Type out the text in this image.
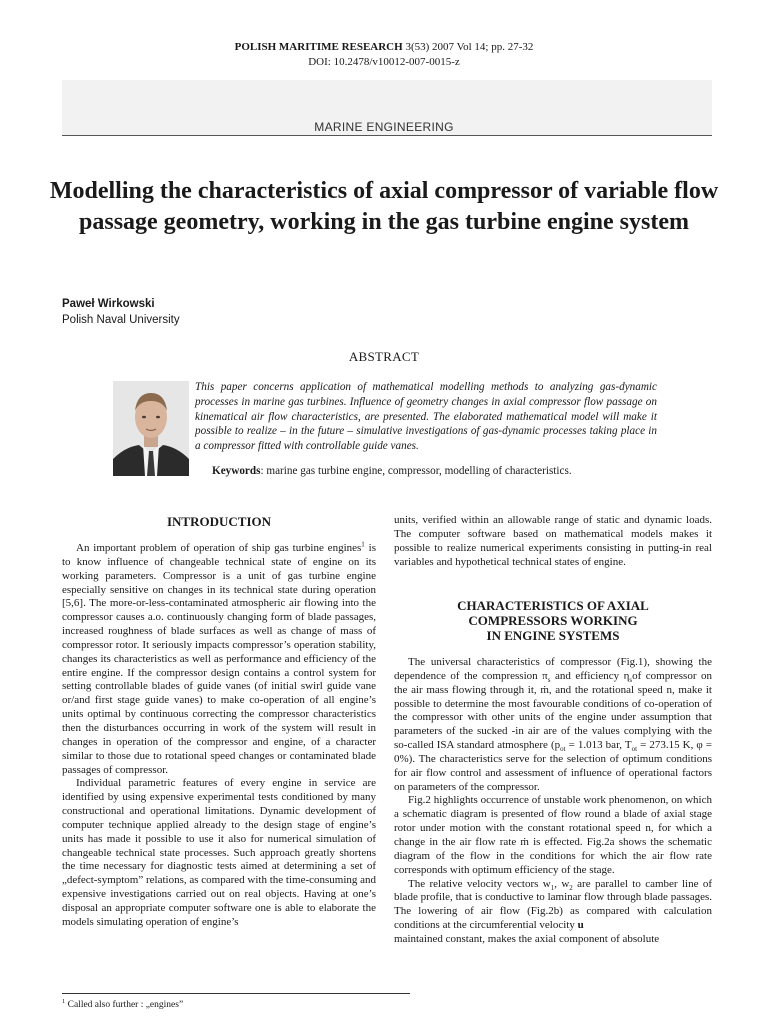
POLISH MARITIME RESEARCH 3(53) 2007 Vol 14; pp. 27-32
DOI: 10.2478/v10012-007-0015-z
MARINE ENGINEERING
Modelling the characteristics of axial compressor of variable flow passage geometry, working in the gas turbine engine system
Paweł Wirkowski
Polish Naval University
ABSTRACT

This paper concerns application of mathematical modelling methods to analyzing gas-dynamic processes in marine gas turbines. Influence of geometry changes in axial compressor flow passage on kinematical air flow characteristics, are presented. The elaborated mathematical model will make it possible to realize – in the future – simulative investigations of gas-dynamic processes taking place in a compressor fitted with controllable guide vanes.

Keywords: marine gas turbine engine, compressor, modelling of characteristics.
INTRODUCTION

An important problem of operation of ship gas turbine engines$^1$ is to know influence of changeable technical state of engine on its working parameters. Compressor is a unit of gas turbine engine especially sensitive on changes in its technical state during operation [5,6]. The more-or-less-contaminated atmospheric air flowing into the compressor causes a.o. continuously changing form of blade passages, increased roughness of blade surfaces as well as change of mass of compressor rotor. It seriously impacts compressor’s operation stability, changes its characteristics as well as performance and efficiency of the entire engine. If the compressor design contains a control system for setting controllable blades of guide vanes (of initial swirl guide vane or/and first stage guide vanes) to make co-operation of all engine’s units optimal by continuous correcting the compressor characteristics then the disturbances occurring in work of the system will result in changes in operation of the compressor and engine, of a character similar to those due to rotational speed changes or contaminated blade passages of compressor.

Individual parametric features of every engine in service are identified by using expensive experimental tests conditioned by many constructional and operational limitations. Dynamic development of computer technique applied already to the design stage of engine’s units has made it possible to use it also for numerical simulation of changeable technical state processes. Such approach greatly shortens the time necessary for diagnostic tests aimed at determining a set of „defect-symptom” relations, as compared with the time-consuming and expensive investigations carried out on real objects. Having at one’s disposal an appropriate computer software one is able to elaborate the models simulating operation of engine’s

units, verified within an allowable range of static and dynamic loads. The computer software based on mathematical models makes it possible to realize numerical experiments consisting in putting-in real variables and hypothetical technical states of engine.

CHARACTERISTICS OF AXIAL
COMPRESSORS WORKING
IN ENGINE SYSTEMS

The universal characteristics of compressor (Fig.1), showing the dependence of the compression $\pi_s$ and efficiency $\eta_sof$ compressor on the air mass flowing through it, ṁ, and the rotational speed n, make it possible to determine the most favourable conditions of co-operation of the compressor with other units of the engine under assumption that parameters of the sucked -in air are of the values complying with the so-called ISA standard atmosphere ($p_{ot} = 1.013$ bar, $T_{ot} = 273.15$ K, φ = 0%). The characteristics serve for the selection of optimum conditions for air flow control and assessment of influence of operational factors on parameters of the compressor.

Fig.2 highlights occurrence of unstable work phenomenon, on which a schematic diagram is presented of flow round a blade of axial stage rotor under motion with the constant rotational speed n, for which a change in the air flow rate ṁ is effected. Fig.2a shows the schematic diagram of the flow in the conditions for which the air flow rate corresponds with optimum efficiency of the stage.

The relative velocity vectors $w_1$, $w_2$ are parallel to camber line of blade profile, that is conductive to laminar flow through blade passages. The lowering of air flow (Fig.2b) as compared with calculation conditions at the circumferential velocity u
maintained constant, makes the axial component of absolute

$^1$ Called also further : „engines”
